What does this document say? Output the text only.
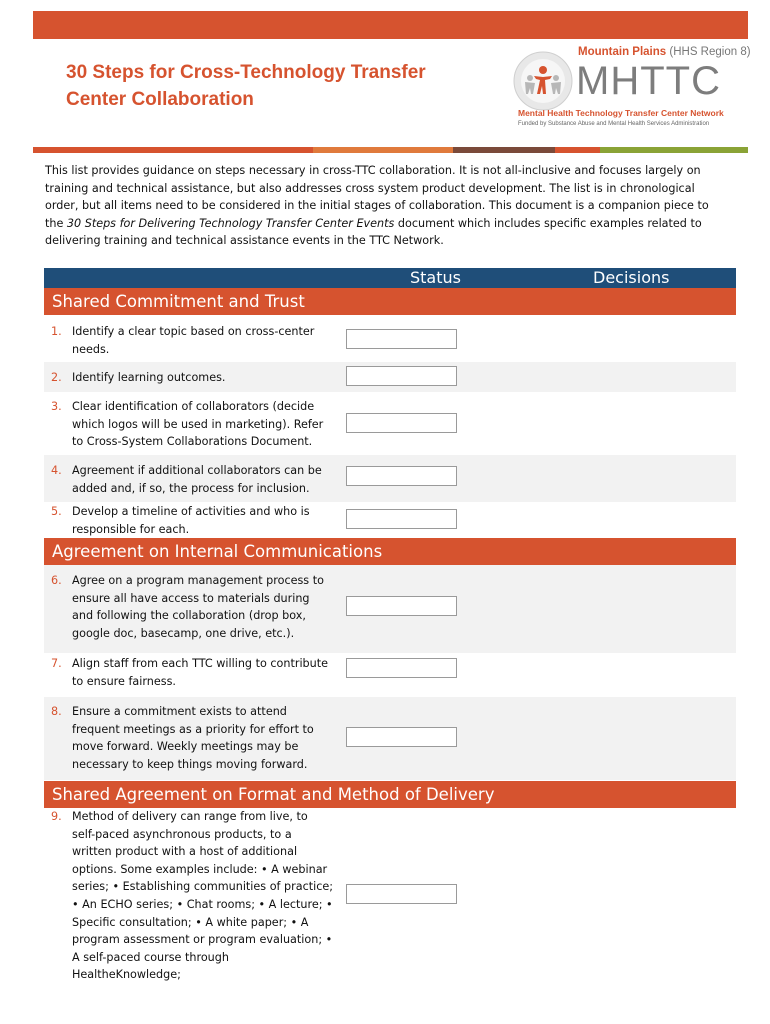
30 Steps for Cross-Technology Transfer
Center Collaboration
Mountain Plains (HHS Region 8)
MHTTC
Mental Health Technology Transfer Center Network
Funded by Substance Abuse and Mental Health Services Administration
This list provides guidance on steps necessary in cross-TTC collaboration. It is not all-inclusive and focuses largely on training and technical assistance, but also addresses cross system product development. The list is in chronological order, but all items need to be considered in the initial stages of collaboration. This document is a companion piece to the 30 Steps for Delivering Technology Transfer Center Events document which includes specific examples related to delivering training and technical assistance events in the TTC Network.
Status	Decisions
Shared Commitment and Trust
1. Identify a clear topic based on cross-center needs.
2. Identify learning outcomes.
3. Clear identification of collaborators (decide which logos will be used in marketing). Refer to Cross-System Collaborations Document.
4. Agreement if additional collaborators can be added and, if so, the process for inclusion.
5. Develop a timeline of activities and who is responsible for each.
Agreement on Internal Communications
6. Agree on a program management process to ensure all have access to materials during and following the collaboration (drop box, google doc, basecamp, one drive, etc.).
7. Align staff from each TTC willing to contribute to ensure fairness.
8. Ensure a commitment exists to attend frequent meetings as a priority for effort to move forward. Weekly meetings may be necessary to keep things moving forward.
Shared Agreement on Format and Method of Delivery
9. Method of delivery can range from live, to self-paced asynchronous products, to a written product with a host of additional options. Some examples include: • A webinar series; • Establishing communities of practice; • An ECHO series; • Chat rooms; • A lecture; • Specific consultation; • A white paper; • A program assessment or program evaluation; • A self-paced course through HealtheKnowledge;
